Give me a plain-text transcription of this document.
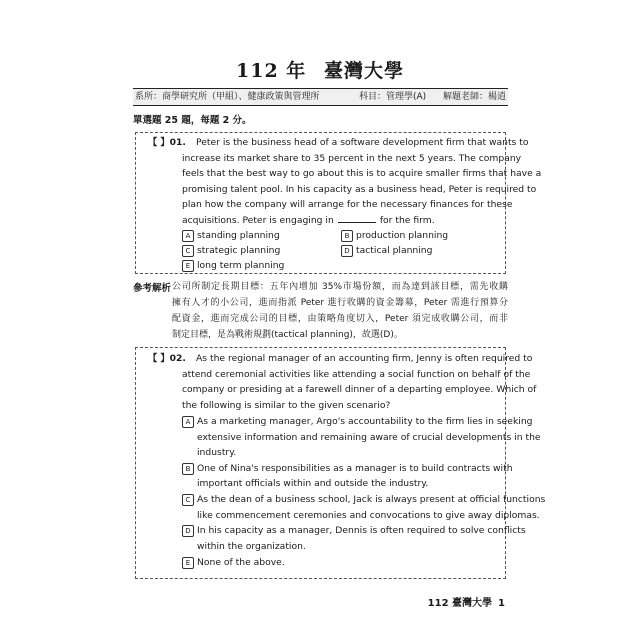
112 年 臺灣大學
系所：商學研究所（甲組）、健康政策與管理所	科目：管理學(A) 解題老師：楊逍
單選題 25 題，每題 2 分。
【 】01. Peter is the business head of a software development firm that wants to
increase its market share to 35 percent in the next 5 years. The company
feels that the best way to go about this is to acquire smaller firms that have a
promising talent pool. In his capacity as a business head, Peter is required to
plan how the company will arrange for the necessary finances for these
acquisitions. Peter is engaging in	for the firm.
A standing planning	B production planning
C strategic planning	D tactical planning
E long term planning
參考解析 公司所制定長期目標：五年內增加 35%市場份額，而為達到該目標，需先收購
擁有人才的小公司，進而指派 Peter 進行收購的資金籌募，Peter 需進行預算分
配資金，進而完成公司的目標，由策略角度切入，Peter 須完成收購公司，而非
制定目標，是為戰術規劃(tactical planning)，故選(D)。
【 】02. As the regional manager of an accounting firm, Jenny is often required to
attend ceremonial activities like attending a social function on behalf of the
company or presiding at a farewell dinner of a departing employee. Which of
the following is similar to the given scenario?
A As a marketing manager, Argo's accountability to the firm lies in seeking
extensive information and remaining aware of crucial developments in the
industry.
B One of Nina's responsibilities as a manager is to build contracts with
important officials within and outside the industry.
C As the dean of a business school, Jack is always present at official functions
like commencement ceremonies and convocations to give away diplomas.
D In his capacity as a manager, Dennis is often required to solve conflicts
within the organization.
E None of the above.
112 臺灣大學 1
